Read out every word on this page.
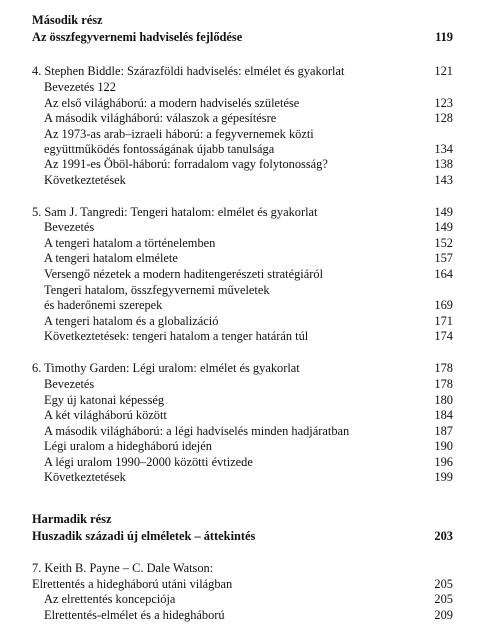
Második rész
Az összfegyvernemi hadviselés fejlődése	119
4. Stephen Biddle: Szárazföldi hadviselés: elmélet és gyakorlat	121
Bevezetés 122
Az első világháború: a modern hadviselés születése	123
A második világháború: válaszok a gépesítésre	128
Az 1973-as arab–izraeli háború: a fegyvernemek közti
együttműködés fontosságának újabb tanulsága	134
Az 1991-es Öböl-háború: forradalom vagy folytonosság?	138
Következtetések	143
5. Sam J. Tangredi: Tengeri hatalom: elmélet és gyakorlat	149
Bevezetés	149
A tengeri hatalom a történelemben	152
A tengeri hatalom elmélete	157
Versengő nézetek a modern haditengerészeti stratégiáról	164
Tengeri hatalom, összfegyvernemi műveletek
és haderőnemi szerepek	169
A tengeri hatalom és a globalizáció	171
Következtetések: tengeri hatalom a tenger határán túl	174
6. Timothy Garden: Légi uralom: elmélet és gyakorlat	178
Bevezetés	178
Egy új katonai képesség	180
A két világháború között	184
A második világháború: a légi hadviselés minden hadjáratban	187
Légi uralom a hidegháború idején	190
A légi uralom 1990–2000 közötti évtizede	196
Következtetések	199
Harmadik rész
Huszadik századi új elméletek – áttekintés	203
7. Keith B. Payne – C. Dale Watson:
Elrettentés a hidegháború utáni világban	205
Az elrettentés koncepciója	205
Elrettentés-elmélet és a hidegháború	209
